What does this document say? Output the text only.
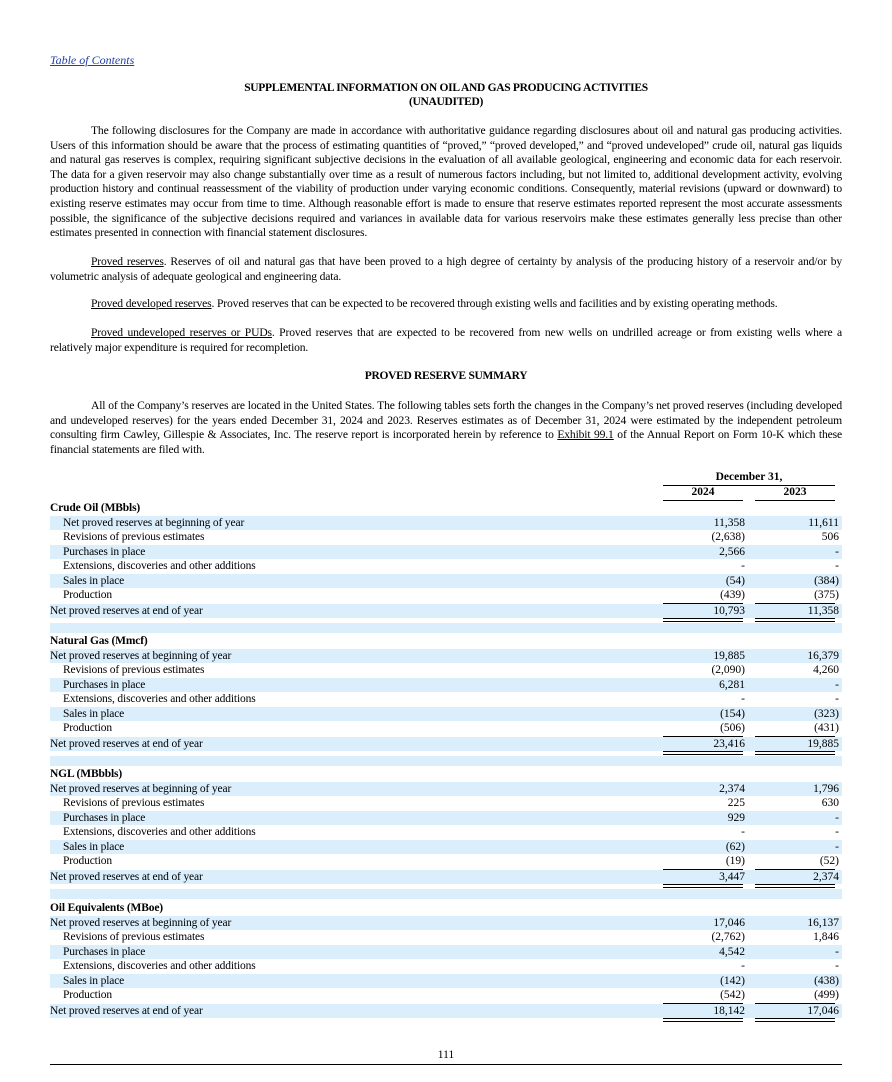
Table of Contents
SUPPLEMENTAL INFORMATION ON OIL AND GAS PRODUCING ACTIVITIES
(UNAUDITED)
The following disclosures for the Company are made in accordance with authoritative guidance regarding disclosures about oil and natural gas producing activities. Users of this information should be aware that the process of estimating quantities of “proved,” “proved developed,” and “proved undeveloped” crude oil, natural gas liquids and natural gas reserves is complex, requiring significant subjective decisions in the evaluation of all available geological, engineering and economic data for each reservoir. The data for a given reservoir may also change substantially over time as a result of numerous factors including, but not limited to, additional development activity, evolving production history and continual reassessment of the viability of production under varying economic conditions. Consequently, material revisions (upward or downward) to existing reserve estimates may occur from time to time. Although reasonable effort is made to ensure that reserve estimates reported represent the most accurate assessments possible, the significance of the subjective decisions required and variances in available data for various reservoirs make these estimates generally less precise than other estimates presented in connection with financial statement disclosures.
Proved reserves. Reserves of oil and natural gas that have been proved to a high degree of certainty by analysis of the producing history of a reservoir and/or by volumetric analysis of adequate geological and engineering data.
Proved developed reserves. Proved reserves that can be expected to be recovered through existing wells and facilities and by existing operating methods.
Proved undeveloped reserves or PUDs. Proved reserves that are expected to be recovered from new wells on undrilled acreage or from existing wells where a relatively major expenditure is required for recompletion.
PROVED RESERVE SUMMARY
All of the Company’s reserves are located in the United States. The following tables sets forth the changes in the Company’s net proved reserves (including developed and undeveloped reserves) for the years ended December 31, 2024 and 2023. Reserves estimates as of December 31, 2024 were estimated by the independent petroleum consulting firm Cawley, Gillespie & Associates, Inc. The reserve report is incorporated herein by reference to Exhibit 99.1 of the Annual Report on Form 10-K which these financial statements are filed with.
December 31,
2024	2023
Crude Oil (MBbls)
Net proved reserves at beginning of year	11,358	11,611
Revisions of previous estimates	(2,638)	506
Purchases in place	2,566	-
Extensions, discoveries and other additions	-	-
Sales in place	(54)	(384)
Production	(439)	(375)
Net proved reserves at end of year	10,793	11,358
Natural Gas (Mmcf)
Net proved reserves at beginning of year	19,885	16,379
Revisions of previous estimates	(2,090)	4,260
Purchases in place	6,281	-
Extensions, discoveries and other additions	-	-
Sales in place	(154)	(323)
Production	(506)	(431)
Net proved reserves at end of year	23,416	19,885
NGL (MBbbls)
Net proved reserves at beginning of year	2,374	1,796
Revisions of previous estimates	225	630
Purchases in place	929	-
Extensions, discoveries and other additions	-	-
Sales in place	(62)	-
Production	(19)	(52)
Net proved reserves at end of year	3,447	2,374
Oil Equivalents (MBoe)
Net proved reserves at beginning of year	17,046	16,137
Revisions of previous estimates	(2,762)	1,846
Purchases in place	4,542	-
Extensions, discoveries and other additions	-	-
Sales in place	(142)	(438)
Production	(542)	(499)
Net proved reserves at end of year	18,142	17,046
111
